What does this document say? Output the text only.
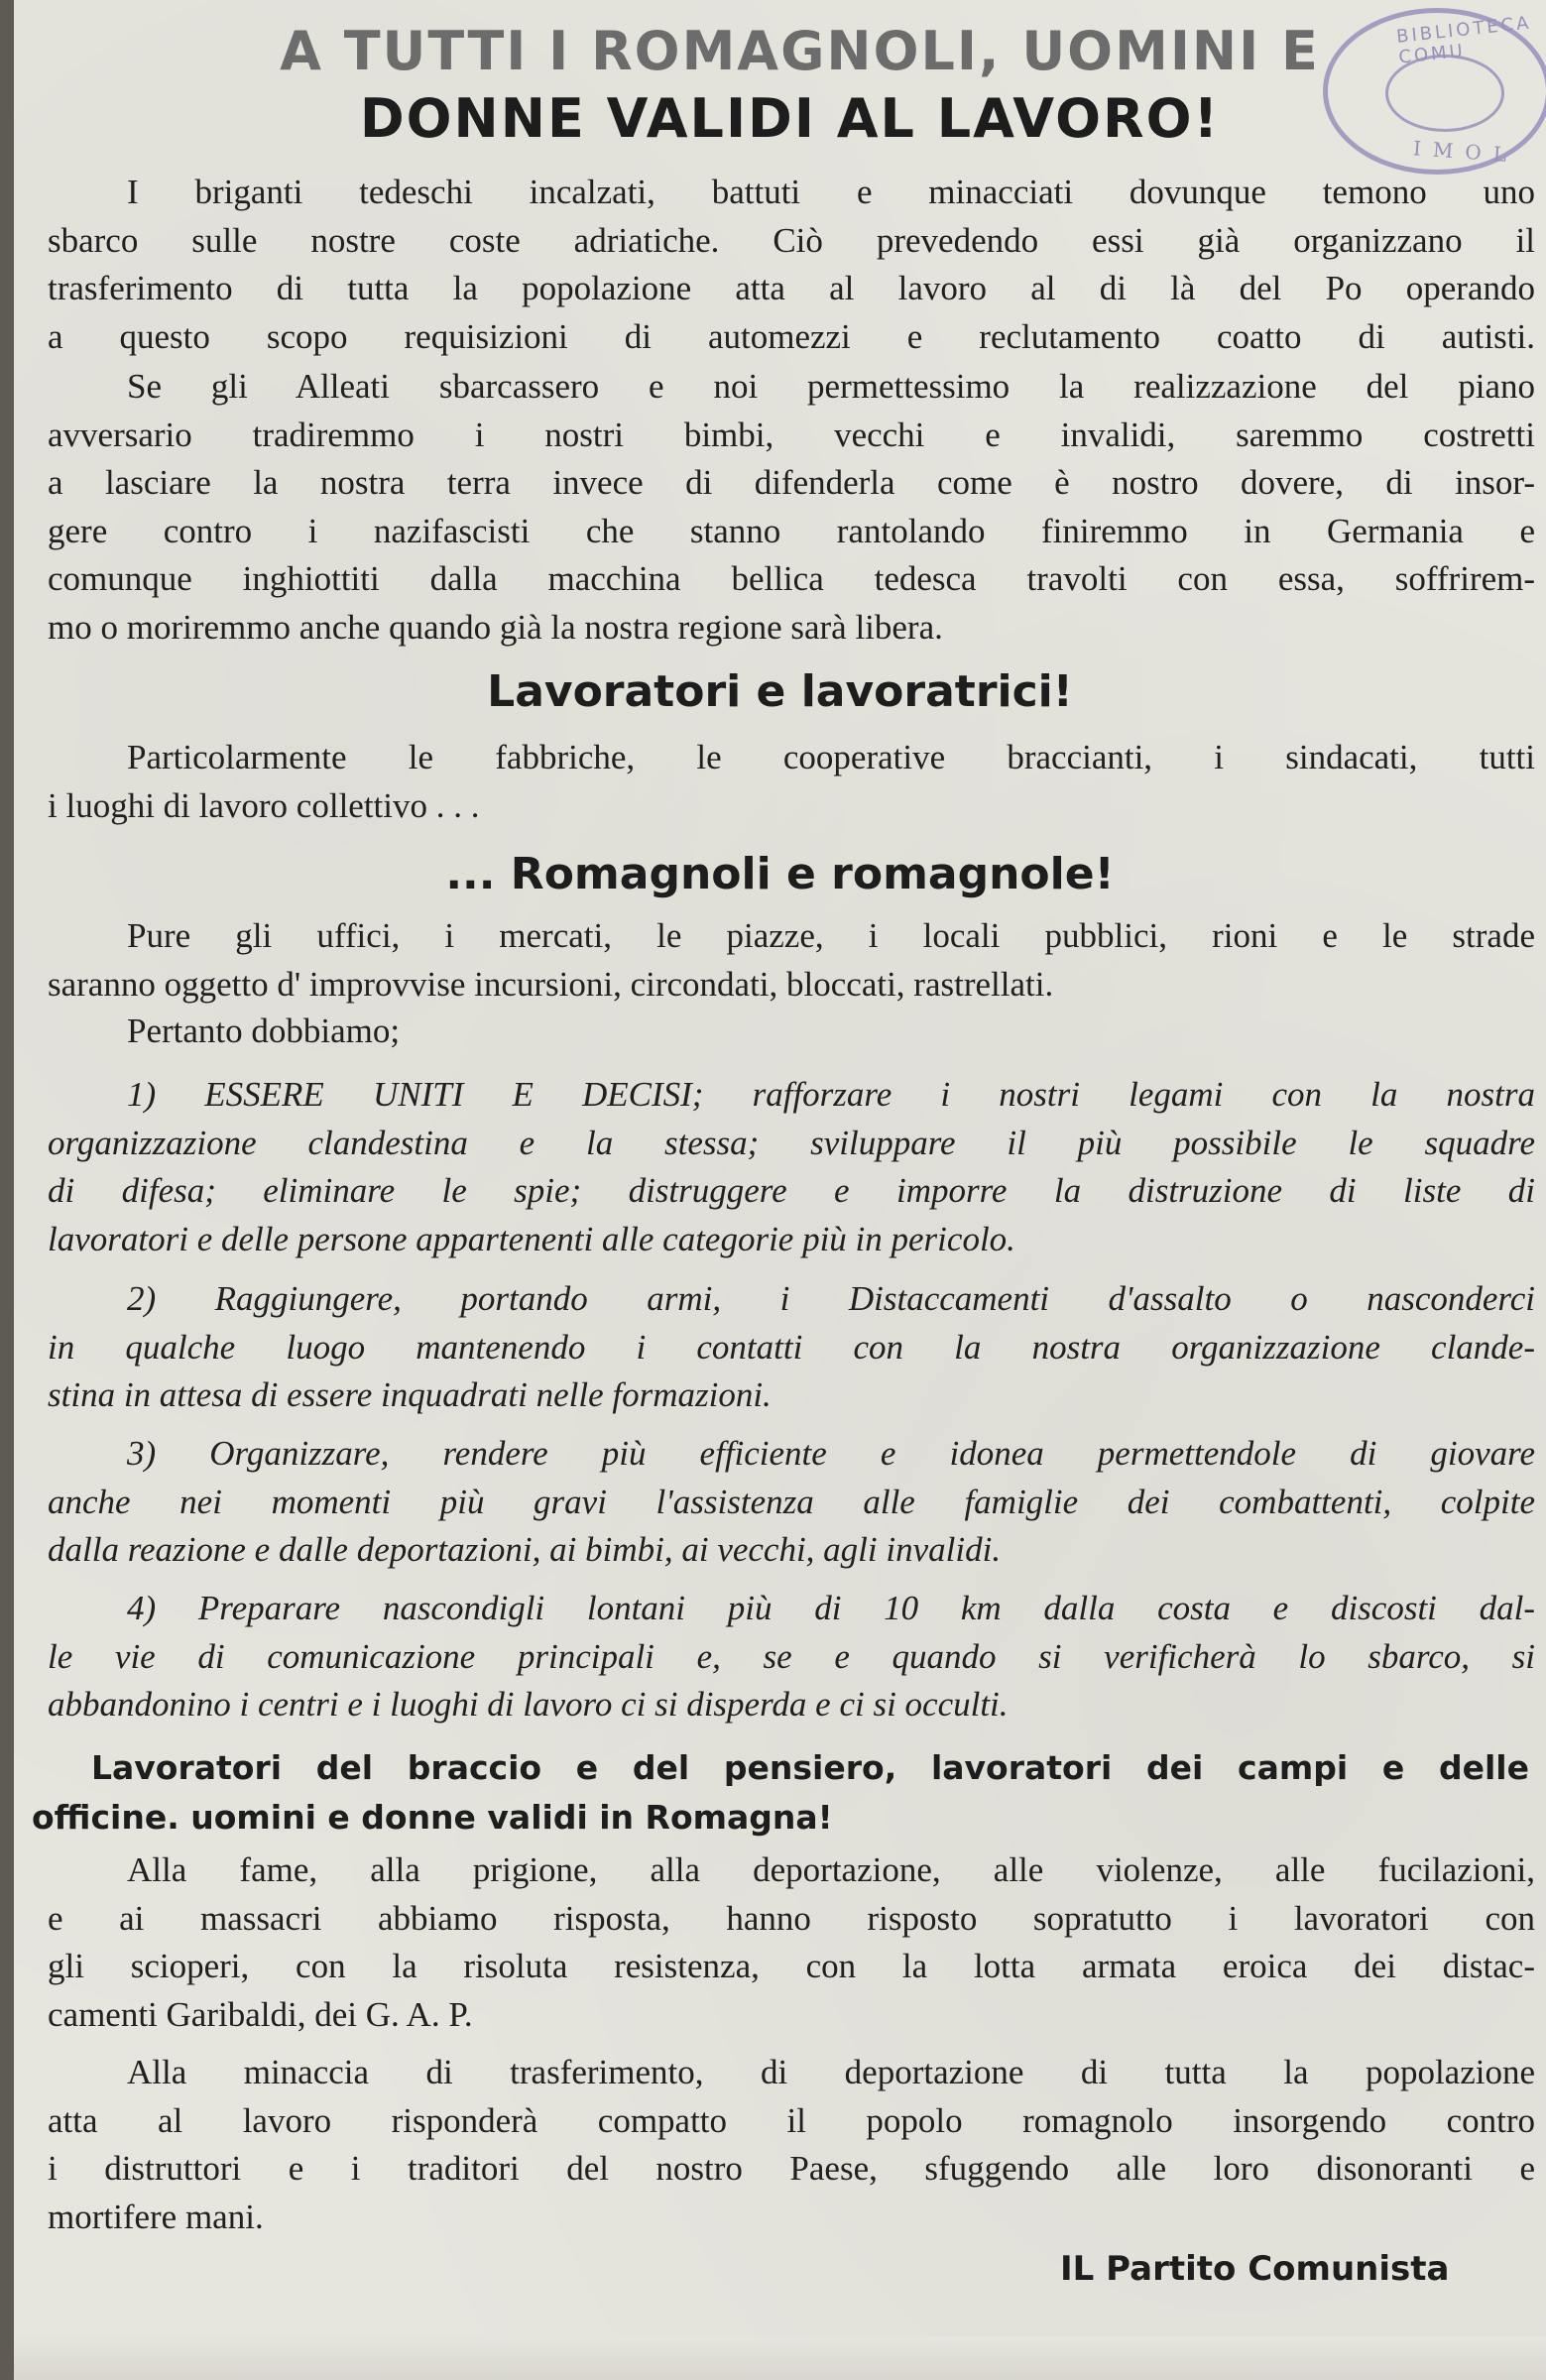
BIBLIOTECA COMU
IMOL
A TUTTI I ROMAGNOLI, UOMINI E
DONNE VALIDI AL LAVORO!
I briganti tedeschi incalzati, battuti e minacciati dovunque temono uno
sbarco sulle nostre coste adriatiche. Ciò prevedendo essi già organizzano il
trasferimento di tutta la popolazione atta al lavoro al di là del Po operando
a questo scopo requisizioni di automezzi e reclutamento coatto di autisti.
Se gli Alleati sbarcassero e noi permettessimo la realizzazione del piano
avversario tradiremmo i nostri bimbi, vecchi e invalidi, saremmo costretti
a lasciare la nostra terra invece di difenderla come è nostro dovere, di insor-
gere contro i nazifascisti che stanno rantolando finiremmo in Germania e
comunque inghiottiti dalla macchina bellica tedesca travolti con essa, soffrirem-
mo o moriremmo anche quando già la nostra regione sarà libera.
Lavoratori e lavoratrici!
Particolarmente le fabbriche, le cooperative braccianti, i sindacati, tutti
i luoghi di lavoro collettivo . . .
... Romagnoli e romagnole!
Pure gli uffici, i mercati, le piazze, i locali pubblici, rioni e le strade
saranno oggetto d' improvvise incursioni, circondati, bloccati, rastrellati.
Pertanto dobbiamo;
1) ESSERE UNITI E DECISI; rafforzare i nostri legami con la nostra
organizzazione clandestina e la stessa; sviluppare il più possibile le squadre
di difesa; eliminare le spie; distruggere e imporre la distruzione di liste di
lavoratori e delle persone appartenenti alle categorie più in pericolo.
2) Raggiungere, portando armi, i Distaccamenti d'assalto o nasconderci
in qualche luogo mantenendo i contatti con la nostra organizzazione clande-
stina in attesa di essere inquadrati nelle formazioni.
3) Organizzare, rendere più efficiente e idonea permettendole di giovare
anche nei momenti più gravi l'assistenza alle famiglie dei combattenti, colpite
dalla reazione e dalle deportazioni, ai bimbi, ai vecchi, agli invalidi.
4) Preparare nascondigli lontani più di 10 km dalla costa e discosti dal-
le vie di comunicazione principali e, se e quando si verificherà lo sbarco, si
abbandonino i centri e i luoghi di lavoro ci si disperda e ci si occulti.
Lavoratori del braccio e del pensiero, lavoratori dei campi e delle
officine. uomini e donne validi in Romagna!
Alla fame, alla prigione, alla deportazione, alle violenze, alle fucilazioni,
e ai massacri abbiamo risposta, hanno risposto sopratutto i lavoratori con
gli scioperi, con la risoluta resistenza, con la lotta armata eroica dei distac-
camenti Garibaldi, dei G. A. P.
Alla minaccia di trasferimento, di deportazione di tutta la popolazione
atta al lavoro risponderà compatto il popolo romagnolo insorgendo contro
i distruttori e i traditori del nostro Paese, sfuggendo alle loro disonoranti e
mortifere mani.
IL Partito Comunista
